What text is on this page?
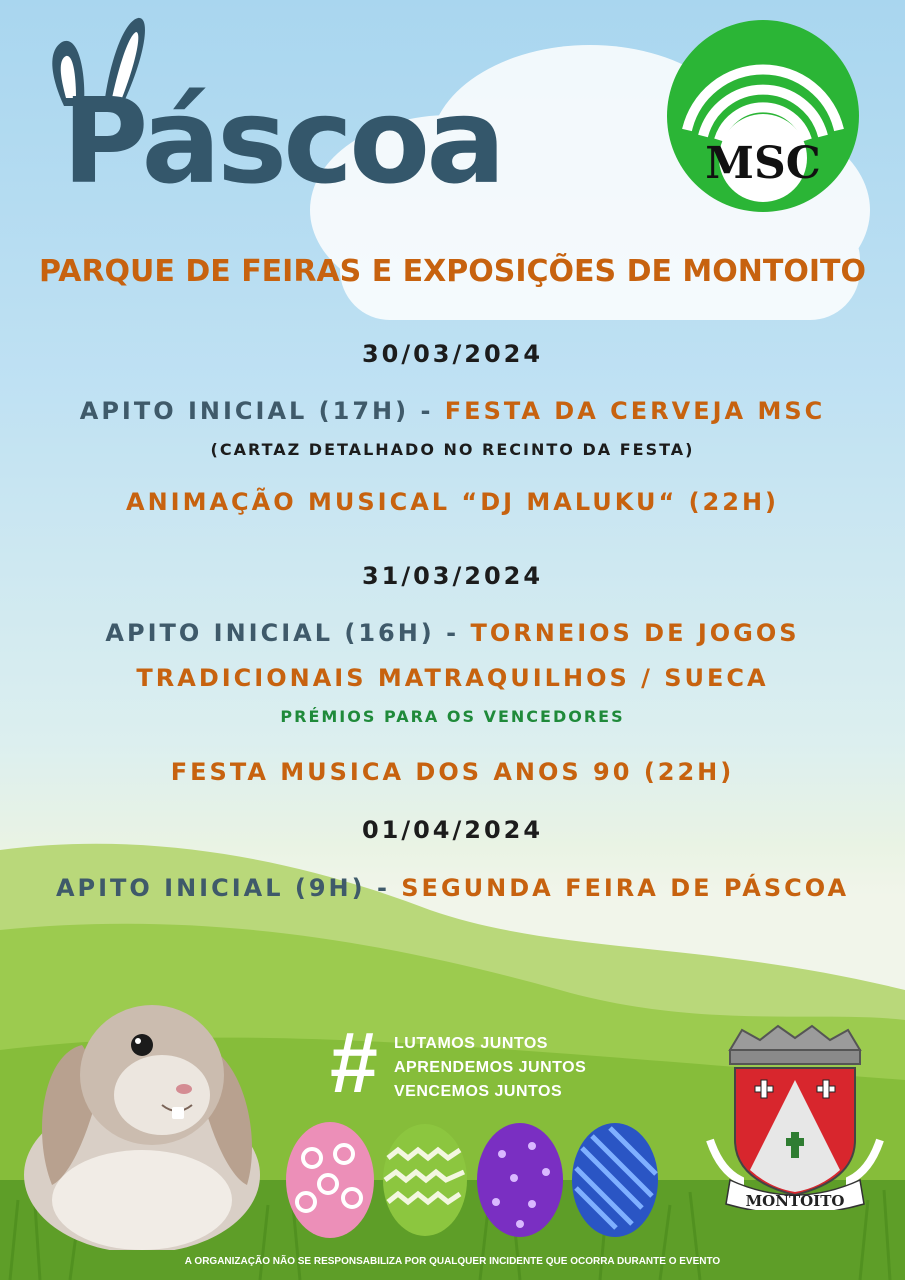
Páscoa	MSC
PARQUE DE FEIRAS E EXPOSIÇÕES DE MONTOITO
30/03/2024
APITO INICIAL (17H) - FESTA DA CERVEJA MSC
(CARTAZ DETALHADO NO RECINTO DA FESTA)
ANIMAÇÃO MUSICAL “DJ MALUKU“ (22H)
31/03/2024
APITO INICIAL (16H) - TORNEIOS DE JOGOS
TRADICIONAIS MATRAQUILHOS / SUECA
PRÉMIOS PARA OS VENCEDORES
FESTA MUSICA DOS ANOS 90 (22H)
01/04/2024
APITO INICIAL (9H) - SEGUNDA FEIRA DE PÁSCOA
# LUTAMOS JUNTOS
APRENDEMOS JUNTOS
VENCEMOS JUNTOS
MONTOITO
A ORGANIZAÇÃO NÃO SE RESPONSABILIZA POR QUALQUER INCIDENTE QUE OCORRA DURANTE O EVENTO
